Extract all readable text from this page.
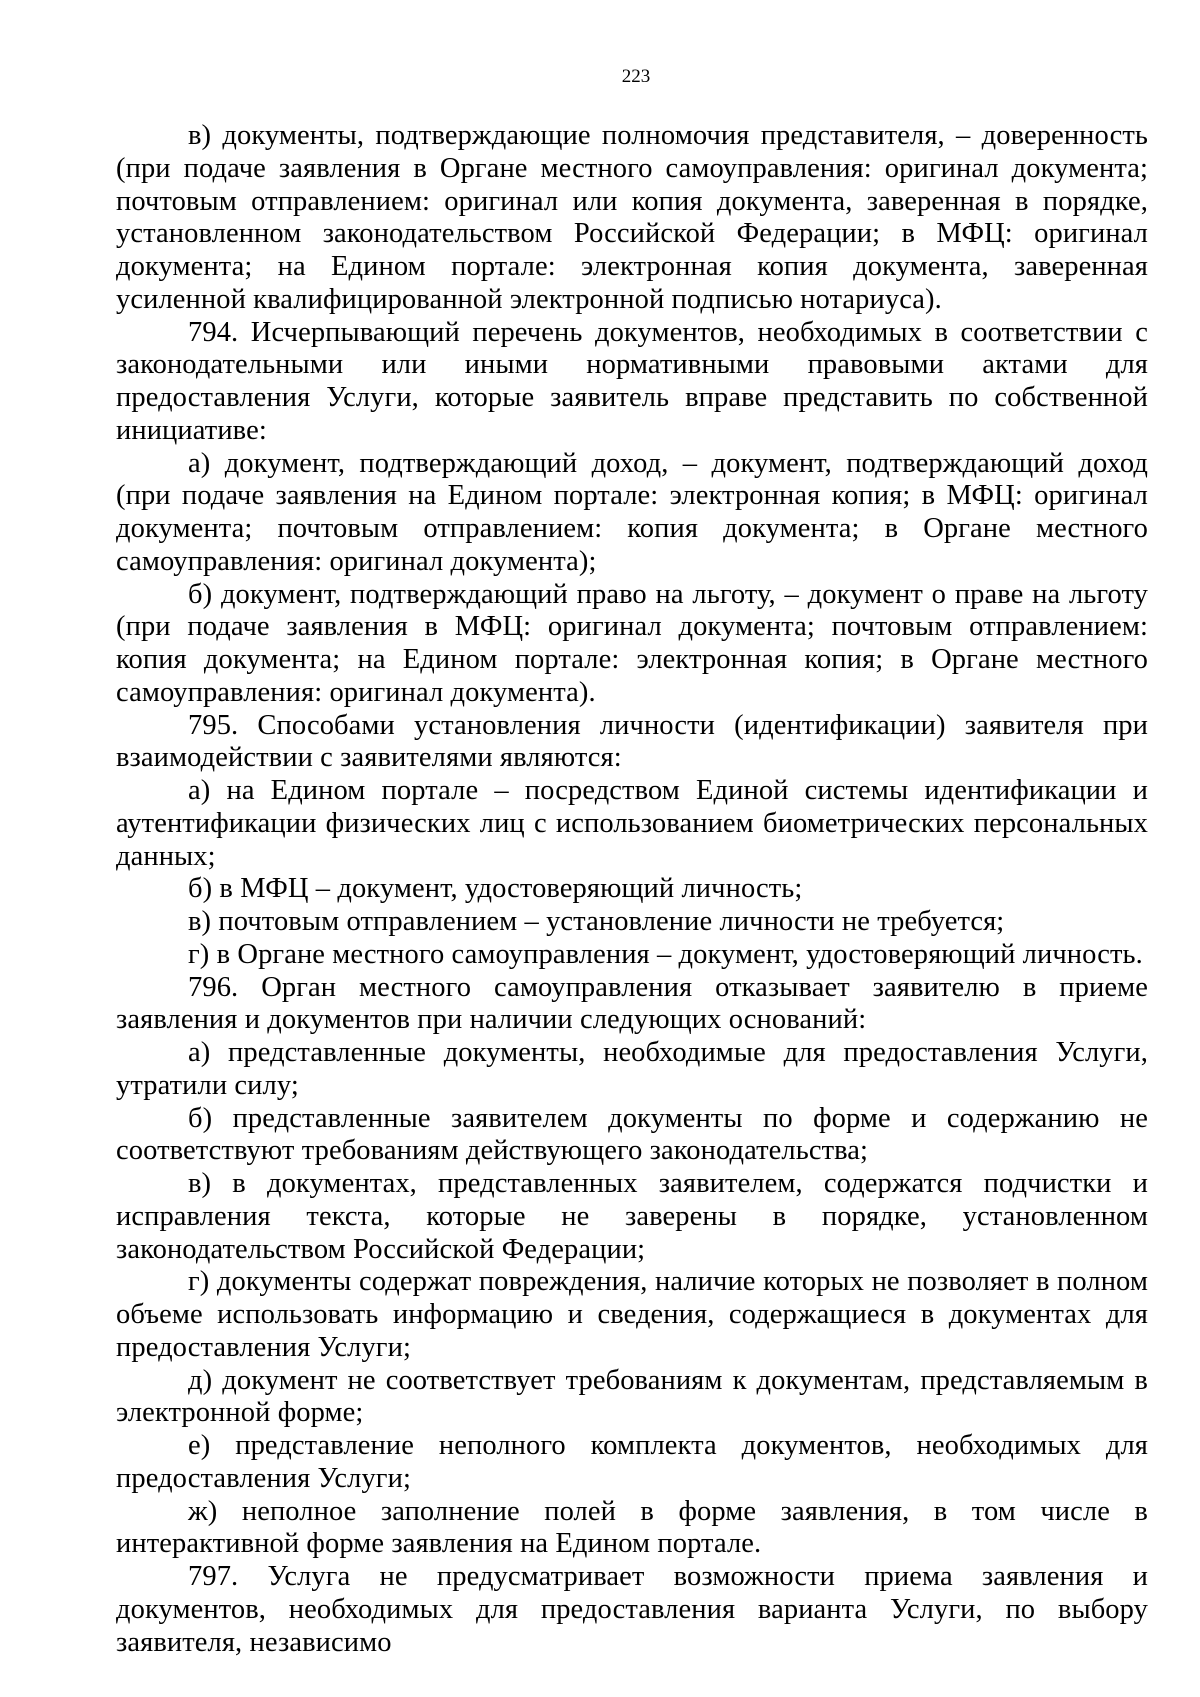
223

в) документы, подтверждающие полномочия представителя, – доверенность (при подаче заявления в Органе местного самоуправления: оригинал документа; почтовым отправлением: оригинал или копия документа, заверенная в порядке, установленном законодательством Российской Федерации; в МФЦ: оригинал документа; на Едином портале: электронная копия документа, заверенная усиленной квалифицированной электронной подписью нотариуса).

794. Исчерпывающий перечень документов, необходимых в соответствии с законодательными или иными нормативными правовыми актами для предоставления Услуги, которые заявитель вправе представить по собственной инициативе:

а) документ, подтверждающий доход, – документ, подтверждающий доход (при подаче заявления на Едином портале: электронная копия; в МФЦ: оригинал документа; почтовым отправлением: копия документа; в Органе местного самоуправления: оригинал документа);

б) документ, подтверждающий право на льготу, – документ о праве на льготу (при подаче заявления в МФЦ: оригинал документа; почтовым отправлением: копия документа; на Едином портале: электронная копия; в Органе местного самоуправления: оригинал документа).

795. Способами установления личности (идентификации) заявителя при взаимодействии с заявителями являются:

а) на Едином портале – посредством Единой системы идентификации и аутентификации физических лиц с использованием биометрических персональных данных;

б) в МФЦ – документ, удостоверяющий личность;

в) почтовым отправлением – установление личности не требуется;

г) в Органе местного самоуправления – документ, удостоверяющий личность.

796. Орган местного самоуправления отказывает заявителю в приеме заявления и документов при наличии следующих оснований:

а) представленные документы, необходимые для предоставления Услуги, утратили силу;

б) представленные заявителем документы по форме и содержанию не соответствуют требованиям действующего законодательства;

в) в документах, представленных заявителем, содержатся подчистки и исправления текста, которые не заверены в порядке, установленном законодательством Российской Федерации;

г) документы содержат повреждения, наличие которых не позволяет в полном объеме использовать информацию и сведения, содержащиеся в документах для предоставления Услуги;

д) документ не соответствует требованиям к документам, представляемым в электронной форме;

е) представление неполного комплекта документов, необходимых для предоставления Услуги;

ж) неполное заполнение полей в форме заявления, в том числе в интерактивной форме заявления на Едином портале.

797. Услуга не предусматривает возможности приема заявления и документов, необходимых для предоставления варианта Услуги, по выбору заявителя, независимо
